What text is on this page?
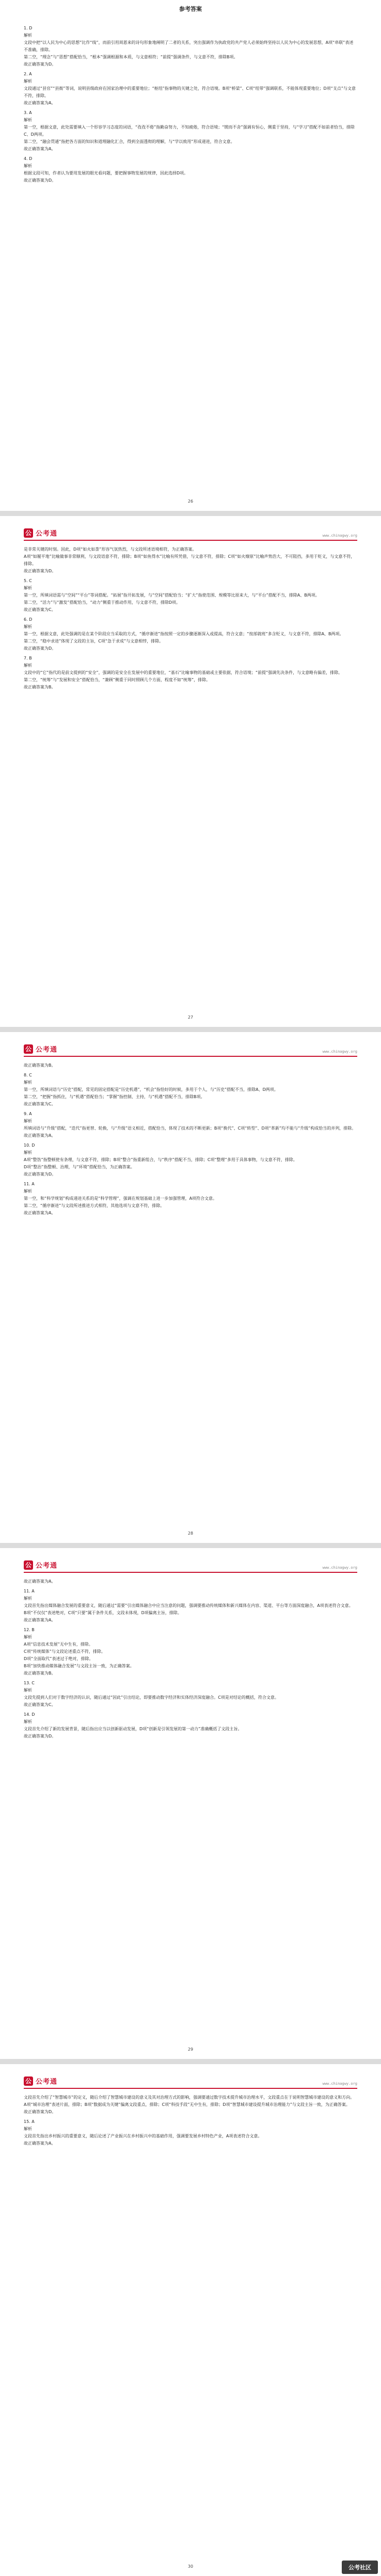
参考答案

1. D

解析

文段中把“以人民为中心的思想”比作“线”，而前引用周恩来的诗句形象地阐明了二者的关系，突出强调作为执政党的共产党人必须始终坚持以人民为中心的发展思想，A项“串联”表述不准确，排除。

第二空，“理念”与“思想”搭配恰当，“根本”强调根源和本质，与文意相符；“前提”强调条件，与文意不符，排除B项。

故正确答案为D。

2. A

解析

文段通过“县官”“县衙”等词，说明县级政府在国家治理中的重要地位；“枢纽”指事物的关键之处，符合语境。B项“桥梁”、C项“纽带”强调联系，不能体现重要地位；D项“支点”与文意不符，排除。

故正确答案为A。

3. A

解析

第一空，根据文意，此处需要填入一个形容学习态度的词语，“孜孜不倦”指勤奋努力，不知疲倦，符合语境；“锲而不舍”强调有恒心，侧重于坚持，与“学习”搭配不如前者恰当，排除C、D两项。

第二空，“融会贯通”指把各方面的知识和道理融化汇合，得到全面透彻的理解，与“学以致用”形成递进，符合文意。

故正确答案为A。

4. D

解析

根据文段可知，作者认为要用发展的眼光看问题，要把握事物发展的规律，因此选择D项。

故正确答案为D。

26
公 公考通	www.chinagwy.org

是非常关键的时刻。因此，D项“如火如荼”形容气氛热烈，与文段所述语境相符，为正确答案。

A项“如履平地”比喻做事非常顺利，与文段语意不符，排除；B项“如鱼得水”比喻有所凭借，与文意不符，排除；C项“如火燎原”比喻声势浩大，不可阻挡，多用于贬义，与文意不符，排除。

故正确答案为D。

5. C

解析

第一空，所填词语需与“空间”“平台”等词搭配。“拓展”指开拓发展，与“空间”搭配恰当；“扩大”指使范围、规模等比原来大，与“平台”搭配不当，排除A、B两项。

第二空，“活力”与“激发”搭配恰当，“动力”侧重于推动作用，与文意不符，排除D项。

故正确答案为C。

6. D

解析

第一空，根据文意，此处强调的是在某个阶段应当采取的方式，“循序渐进”指按照一定的步骤逐渐深入或提高，符合文意；“按部就班”多含贬义，与文意不符，排除A、B两项。

第二空，“稳中求进”体现了文段的主旨，C项“急于求成”与文意相悖，排除。

故正确答案为D。

7. B

解析

文段中的“它”指代的是前文提到的“安全”，强调的是安全在发展中的重要地位，“基石”比喻事物的基础或主要依据，符合语境；“前提”强调先决条件，与文意略有偏差，排除。

第二空，“统筹”与“发展和安全”搭配恰当，“兼顾”侧重于同时照顾几个方面，程度不如“统筹”，排除。

故正确答案为B。

27
公 公考通	www.chinagwy.org

故正确答案为B。

8. C

解析

第一空，所填词语与“历史”搭配，常见的固定搭配是“历史机遇”，“机会”指恰好的时候，多用于个人，与“历史”搭配不当，排除A、D两项。

第二空，“把握”指抓住，与“机遇”搭配恰当；“掌握”指控制、主持，与“机遇”搭配不当，排除B项。

故正确答案为C。

9. A

解析

所填词语与“升级”搭配，“迭代”指更替、轮换，与“升级”语义相近，搭配恰当，体现了技术的不断更新；B项“换代”、C项“转型”、D项“革新”均不能与“升级”构成恰当的并列，排除。

故正确答案为A。

10. D

解析

A项“整饬”指整顿使有条理，与文意不符，排除；B项“整合”指重新组合，与“秩序”搭配不当，排除；C项“整理”多用于具体事物，与文意不符，排除。

D项“整治”指整顿、治理，与“环境”搭配恰当，为正确答案。

故正确答案为D。

11. A

解析

第一空，和“科学规划”构成递进关系的是“科学管理”，强调在规划基础上进一步加强管理，A项符合文意。

第二空，“循序渐进”与文段所述推进方式相符，其他选项与文意不符，排除。

故正确答案为A。

28
公 公考通	www.chinagwy.org

故正确答案为A。

11. A

解析

文段首先指出媒体融合发展的重要意义，随后通过“需要”引出媒体融合中应当注意的问题，强调要推动传统媒体和新兴媒体在内容、渠道、平台等方面深度融合，A项表述符合文意。

B项“不仅仅”表述绝对，C项“只要”属于条件关系，文段未体现，D项偏离主旨，排除。

故正确答案为A。

12. B

解析

A项“信息技术发展”无中生有，排除。

C项“传统媒体”与文段论述重点不符，排除。

D项“全面取代”表述过于绝对，排除。

B项“加快推动媒体融合发展”与文段主旨一致，为正确答案。

故正确答案为B。

13. C

解析

文段先提到人们对于数字经济的认识，随后通过“因此”引出结论，即要推动数字经济和实体经济深度融合。C项是对结论的概括，符合文意。

故正确答案为C。

14. D

解析

文段首先介绍了新的发展背景，随后指出应当以创新驱动发展，D项“创新是引领发展的第一动力”准确概括了文段主旨。

故正确答案为D。

29
公 公考通	www.chinagwy.org

文段首先介绍了“智慧城市”的定义，随后介绍了智慧城市建设的意义及其对治理方式的影响，强调要通过数字技术提升城市治理水平，文段重点在于说明智慧城市建设的意义和方向。

A项“城市治理”表述片面，排除；B项“数据成为关键”偏离文段重点，排除；C项“科技手段”无中生有，排除；D项“智慧城市建设提升城市治理能力”与文段主旨一致，为正确答案。

故正确答案为D。

15. A

解析

文段首先指出乡村振兴的重要意义，随后论述了产业振兴在乡村振兴中的基础作用，强调要发展乡村特色产业，A项表述符合文意。

故正确答案为A。

30	公考社区
